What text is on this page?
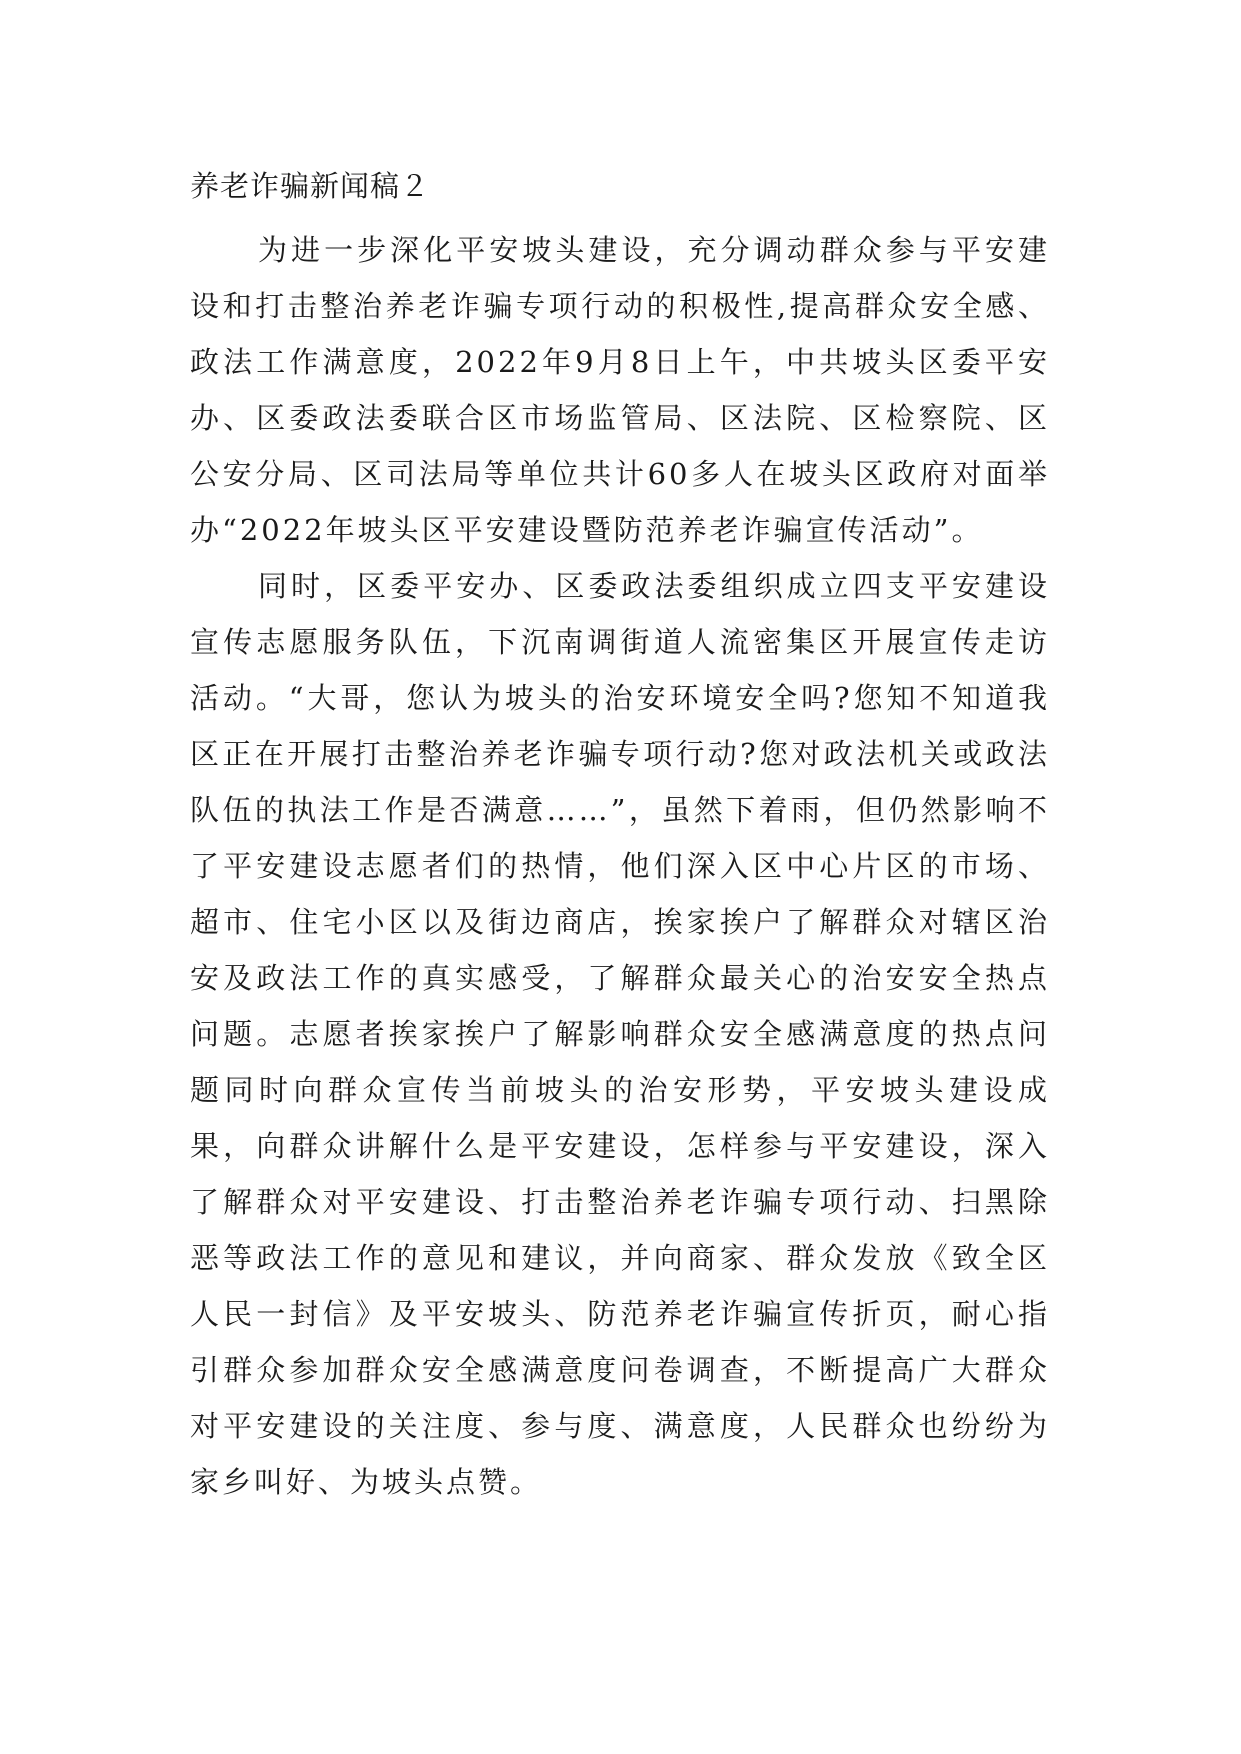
养老诈骗新闻稿２

为进一步深化平安坡头建设，充分调动群众参与平安建设和打击整治养老诈骗专项行动的积极性,提高群众安全感、政法工作满意度，2022年9月8日上午，中共坡头区委平安办、区委政法委联合区市场监管局、区法院、区检察院、区公安分局、区司法局等单位共计60多人在坡头区政府对面举办“2022年坡头区平安建设暨防范养老诈骗宣传活动”。

同时，区委平安办、区委政法委组织成立四支平安建设宣传志愿服务队伍，下沉南调街道人流密集区开展宣传走访活动。“大哥，您认为坡头的治安环境安全吗?您知不知道我区正在开展打击整治养老诈骗专项行动?您对政法机关或政法队伍的执法工作是否满意……”，虽然下着雨，但仍然影响不了平安建设志愿者们的热情，他们深入区中心片区的市场、超市、住宅小区以及街边商店，挨家挨户了解群众对辖区治安及政法工作的真实感受，了解群众最关心的治安安全热点问题。志愿者挨家挨户了解影响群众安全感满意度的热点问题同时向群众宣传当前坡头的治安形势，平安坡头建设成果，向群众讲解什么是平安建设，怎样参与平安建设，深入了解群众对平安建设、打击整治养老诈骗专项行动、扫黑除恶等政法工作的意见和建议，并向商家、群众发放《致全区人民一封信》及平安坡头、防范养老诈骗宣传折页，耐心指引群众参加群众安全感满意度问卷调查，不断提高广大群众对平安建设的关注度、参与度、满意度，人民群众也纷纷为家乡叫好、为坡头点赞。
